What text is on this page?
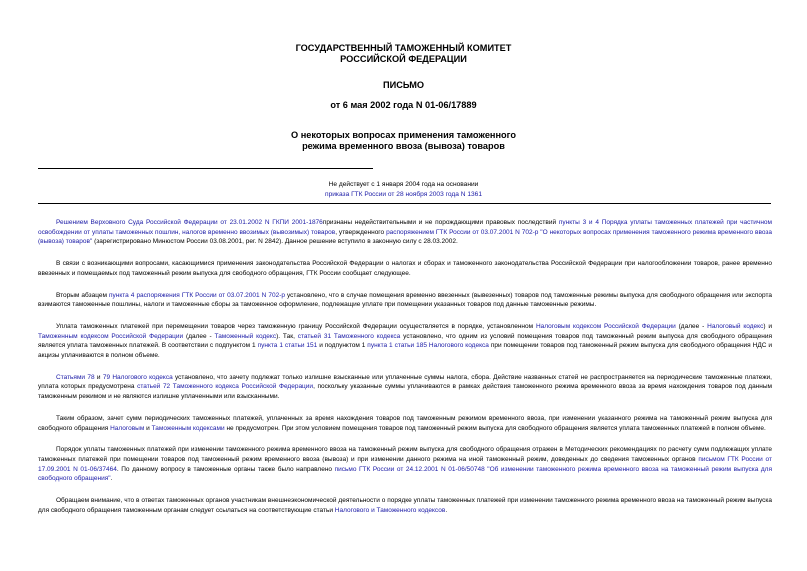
ГОСУДАРСТВЕННЫЙ ТАМОЖЕННЫЙ КОМИТЕТ
РОССИЙСКОЙ ФЕДЕРАЦИИ
ПИСЬМО
от 6 мая 2002 года N 01-06/17889
О некоторых вопросах применения таможенного
режима временного ввоза (вывоза) товаров
Не действует с 1 января 2004 года на основании
приказа ГТК России от 28 ноября 2003 года N 1361

Решением Верховного Суда Российской Федерации от 23.01.2002 N ГКПИ 2001-1876признаны недействительными и не порождающими правовых последствий пункты 3 и 4 Порядка уплаты таможенных платежей при частичном освобождении от уплаты таможенных пошлин, налогов временно ввозимых (вывозимых) товаров, утвержденного распоряжением ГТК России от 03.07.2001 N 702-р "О некоторых вопросах применения таможенного режима временного ввоза (вывоза) товаров" (зарегистрировано Минюстом России 03.08.2001, рег. N 2842). Данное решение вступило в законную силу с 28.03.2002.

В связи с возникающими вопросами, касающимися применения законодательства Российской Федерации о налогах и сборах и таможенного законодательства Российской Федерации при налогообложении товаров, ранее временно ввезенных и помещаемых под таможенный режим выпуска для свободного обращения, ГТК России сообщает следующее.

Вторым абзацем пункта 4 распоряжения ГТК России от 03.07.2001 N 702-р установлено, что в случае помещения временно ввезенных (вывезенных) товаров под таможенные режимы выпуска для свободного обращения или экспорта взимаются таможенные пошлины, налоги и таможенные сборы за таможенное оформление, подлежащие уплате при помещении указанных товаров под данные таможенные режимы.

Уплата таможенных платежей при перемещении товаров через таможенную границу Российской Федерации осуществляется в порядке, установленном Налоговым кодексом Российской Федерации (далее - Налоговый кодекс) и Таможенным кодексом Российской Федерации (далее - Таможенный кодекс). Так, статьей 31 Таможенного кодекса установлено, что одним из условий помещения товаров под таможенный режим выпуска для свободного обращения является уплата таможенных платежей. В соответствии с подпунктом 1 пункта 1 статьи 151 и подпунктом 1 пункта 1 статьи 185 Налогового кодекса при помещении товаров под таможенный режим выпуска для свободного обращения НДС и акцизы уплачиваются в полном объеме.

Статьями 78 и 79 Налогового кодекса установлено, что зачету подлежат только излишне взысканные или уплаченные суммы налога, сбора. Действие названных статей не распространяется на периодические таможенные платежи, уплата которых предусмотрена статьей 72 Таможенного кодекса Российской Федерации, поскольку указанные суммы уплачиваются в рамках действия таможенного режима временного ввоза за время нахождения товаров под данным таможенным режимом и не являются излишне уплаченными или взысканными.

Таким образом, зачет сумм периодических таможенных платежей, уплаченных за время нахождения товаров под таможенным режимом временного ввоза, при изменении указанного режима на таможенный режим выпуска для свободного обращения Налоговым и Таможенным кодексами не предусмотрен. При этом условием помещения товаров под таможенный режим выпуска для свободного обращения является уплата таможенных платежей в полном объеме.

Порядок уплаты таможенных платежей при изменении таможенного режима временного ввоза на таможенный режим выпуска для свободного обращения отражен в Методических рекомендациях по расчету сумм подлежащих уплате таможенных платежей при помещении товаров под таможенный режим временного ввоза (вывоза) и при изменении данного режима на иной таможенный режим, доведенных до сведения таможенных органов письмом ГТК России от 17.09.2001 N 01-06/37464. По данному вопросу в таможенные органы также было направлено письмо ГТК России от 24.12.2001 N 01-06/50748 "Об изменении таможенного режима временного ввоза на таможенный режим выпуска для свободного обращения".

Обращаем внимание, что в ответах таможенных органов участникам внешнеэкономической деятельности о порядке уплаты таможенных платежей при изменении таможенного режима временного ввоза на таможенный режим выпуска для свободного обращения таможенным органам следует ссылаться на соответствующие статьи Налогового и Таможенного кодексов.
